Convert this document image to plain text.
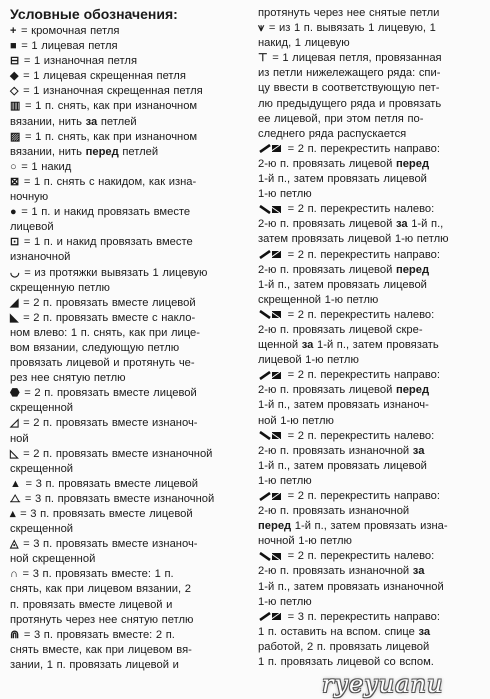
Условные обозначения:
+ = кромочная петля
■ = 1 лицевая петля
⊟ = 1 изнаночная петля
◆ = 1 лицевая скрещенная петля
◇ = 1 изнаночная скрещенная петля
▥ = 1 п. снять, как при изнаночном
вязании, нить за петлей
▨ = 1 п. снять, как при изнаночном
вязании, нить перед петлей
○ = 1 накид
⊠ = 1 п. снять с накидом, как изна-
ночную
● = 1 п. и накид провязать вместе
лицевой
⊡ = 1 п. и накид провязать вместе
изнаночной
◡ = из протяжки вывязать 1 лицевую
скрещенную петлю
◢ = 2 п. провязать вместе лицевой
◣ = 2 п. провязать вместе с накло-
ном влево: 1 п. снять, как при лице-
вом вязании, следующую петлю
провязать лицевой и протянуть че-
рез нее снятую петлю
⬣ = 2 п. провязать вместе лицевой
скрещенной
◿ = 2 п. провязать вместе изнаноч-
ной
◺ = 2 п. провязать вместе изнаночной
скрещенной
▲ = 3 п. провязать вместе лицевой
⧍ = 3 п. провязать вместе изнаночной
▴ = 3 п. провязать вместе лицевой
скрещенной
◬ = 3 п. провязать вместе изнаноч-
ной скрещенной
∩ = 3 п. провязать вместе: 1 п.
снять, как при лицевом вязании, 2
п. провязать вместе лицевой и
протянуть через нее снятую петлю
⋒ = 3 п. провязать вместе: 2 п.
снять вместе, как при лицевом вя-
зании, 1 п. провязать лицевой и
протянуть через нее снятые петли
⩛ = из 1 п. вывязать 1 лицевую, 1
накид, 1 лицевую
⊤ = 1 лицевая петля, провязанная
из петли нижележащего ряда: спи-
цу ввести в соответствующую пет-
лю предыдущего ряда и провязать
ее лицевой, при этом петля по-
следнего ряда распускается
= 2 п. перекрестить направо:
2-ю п. провязать лицевой перед
1-й п., затем провязать лицевой
1-ю петлю
= 2 п. перекрестить налево:
2-ю п. провязать лицевой за 1-й п.,
затем провязать лицевой 1-ю петлю
= 2 п. перекрестить направо:
2-ю п. провязать лицевой перед
1-й п., затем провязать лицевой
скрещенной 1-ю петлю
= 2 п. перекрестить налево:
2-ю п. провязать лицевой скре-
щенной за 1-й п., затем провязать
лицевой 1-ю петлю
= 2 п. перекрестить направо:
2-ю п. провязать лицевой перед
1-й п., затем провязать изнаноч-
ной 1-ю петлю
= 2 п. перекрестить налево:
2-ю п. провязать изнаночной за
1-й п., затем провязать лицевой
1-ю петлю
= 2 п. перекрестить направо:
2-ю п. провязать изнаночной
перед 1-й п., затем провязать изна-
ночной 1-ю петлю
= 2 п. перекрестить налево:
2-ю п. провязать изнаночной за
1-й п., затем провязать изнаночной
1-ю петлю
= 3 п. перекрестить направо:
1 п. оставить на вспом. спице за
работой, 2 п. провязать лицевой
1 п. провязать лицевой со вспом.
ryeyuanu
